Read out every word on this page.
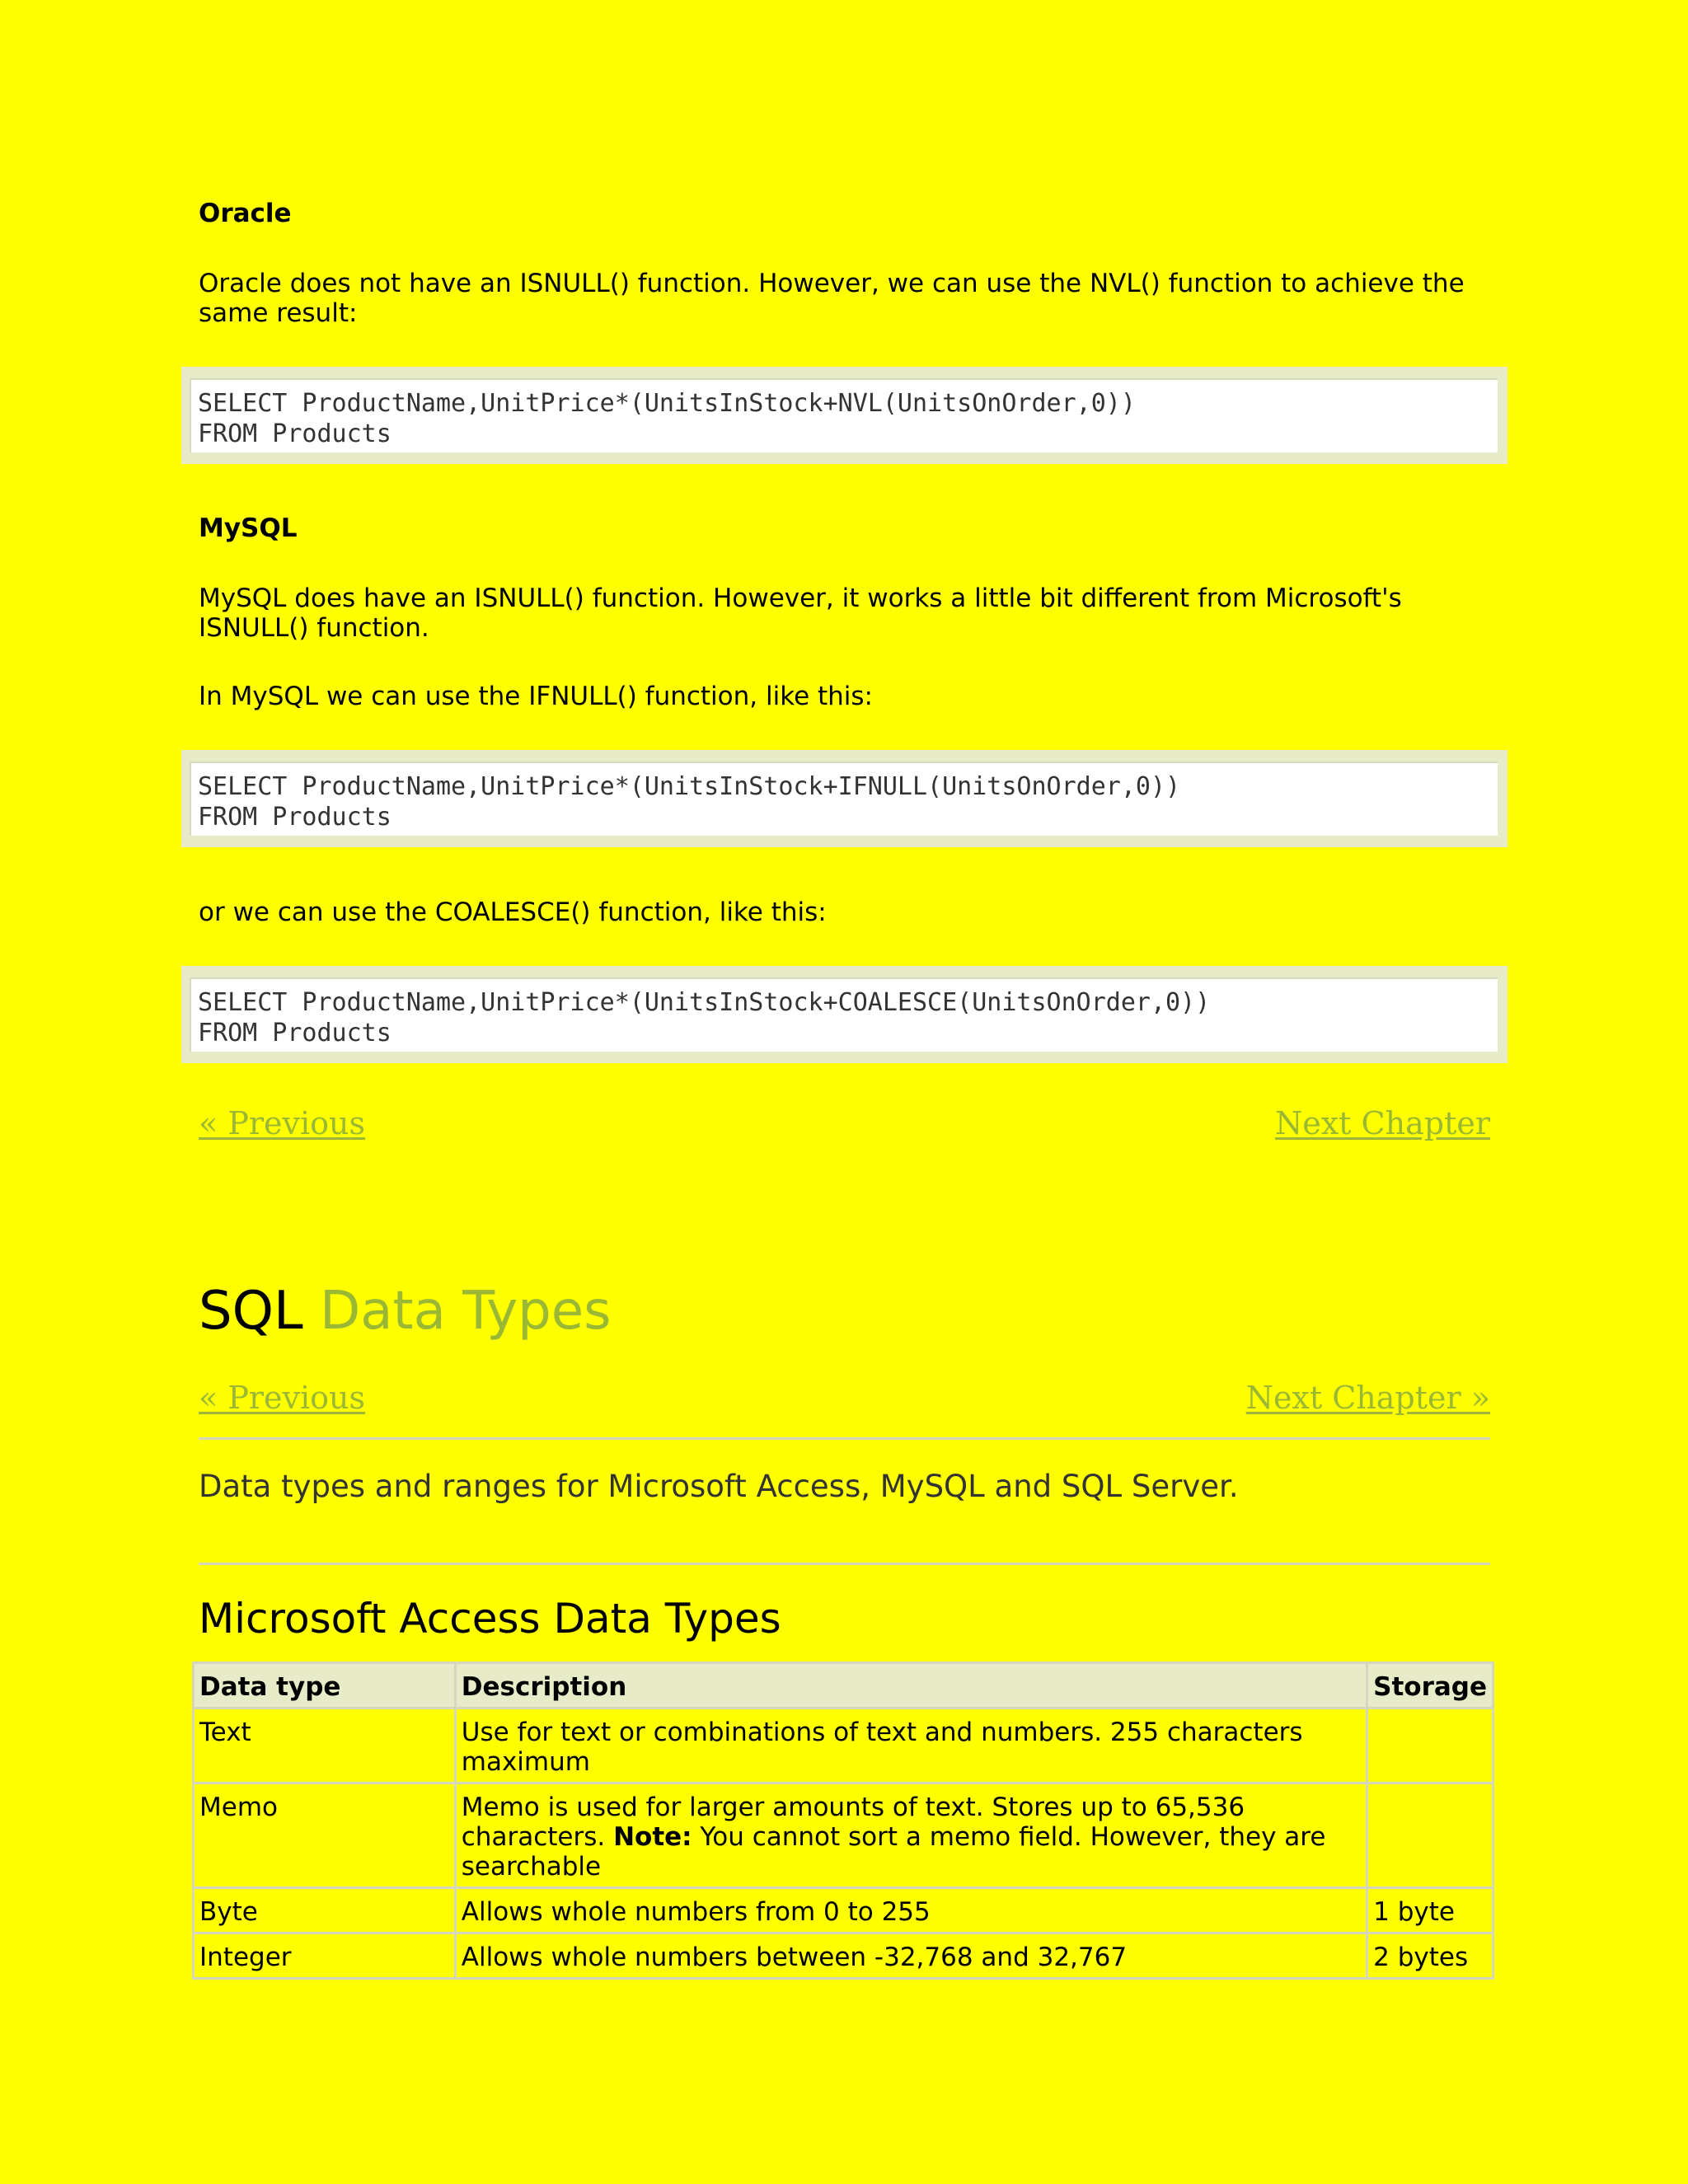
Oracle

Oracle does not have an ISNULL() function. However, we can use the NVL() function to achieve the same result:

SELECT ProductName,UnitPrice*(UnitsInStock+NVL(UnitsOnOrder,0))
FROM Products
MySQL

MySQL does have an ISNULL() function. However, it works a little bit different from Microsoft's ISNULL() function.

In MySQL we can use the IFNULL() function, like this:

SELECT ProductName,UnitPrice*(UnitsInStock+IFNULL(UnitsOnOrder,0))
FROM Products

or we can use the COALESCE() function, like this:

SELECT ProductName,UnitPrice*(UnitsInStock+COALESCE(UnitsOnOrder,0))
FROM Products
« Previous	Next Chapter
SQL Data Types
« Previous	Next Chapter »

Data types and ranges for Microsoft Access, MySQL and SQL Server.

Microsoft Access Data Types
Data type	Description	Storage
Text	Use for text or combinations of text and numbers. 255 characters maximum	
Memo	Memo is used for larger amounts of text. Stores up to 65,536 characters. Note: You cannot sort a memo field. However, they are searchable	
Byte	Allows whole numbers from 0 to 255	1 byte
Integer	Allows whole numbers between -32,768 and 32,767	2 bytes
